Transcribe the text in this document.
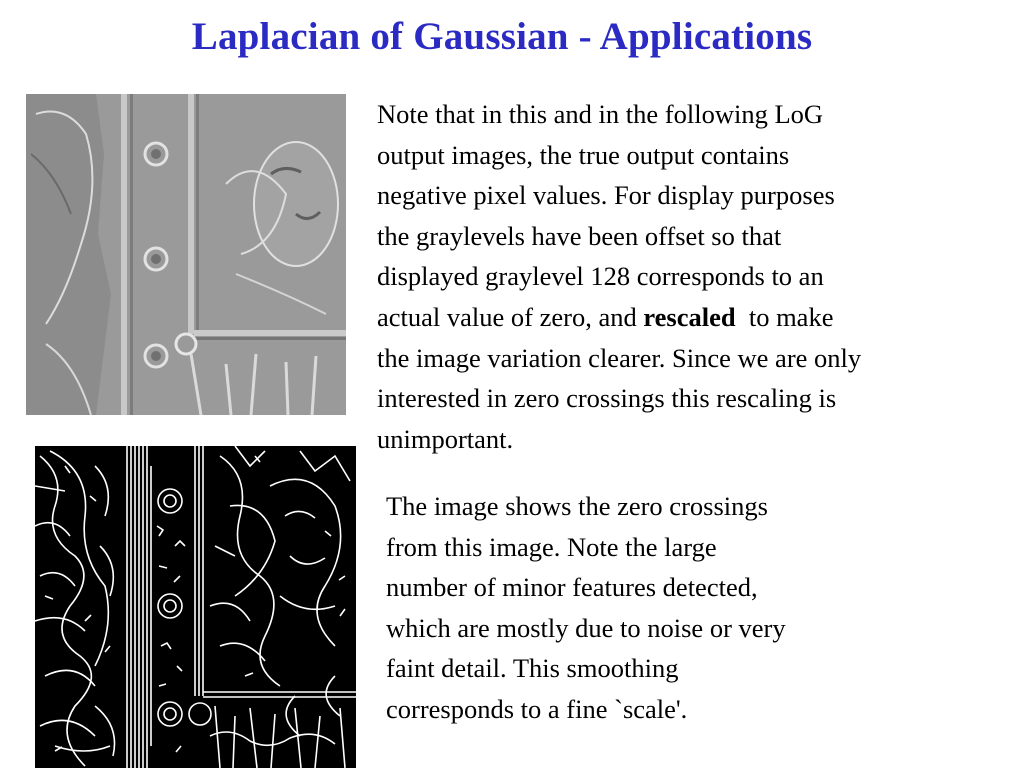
Laplacian of Gaussian - Applications

Note that in this and in the following LoG
output images, the true output contains
negative pixel values. For display purposes
the graylevels have been offset so that
displayed graylevel 128 corresponds to an
actual value of zero, and rescaled  to make
the image variation clearer. Since we are only
interested in zero crossings this rescaling is
unimportant.

The image shows the zero crossings
from this image. Note the large
number of minor features detected,
which are mostly due to noise or very
faint detail. This smoothing
corresponds to a fine `scale'.
